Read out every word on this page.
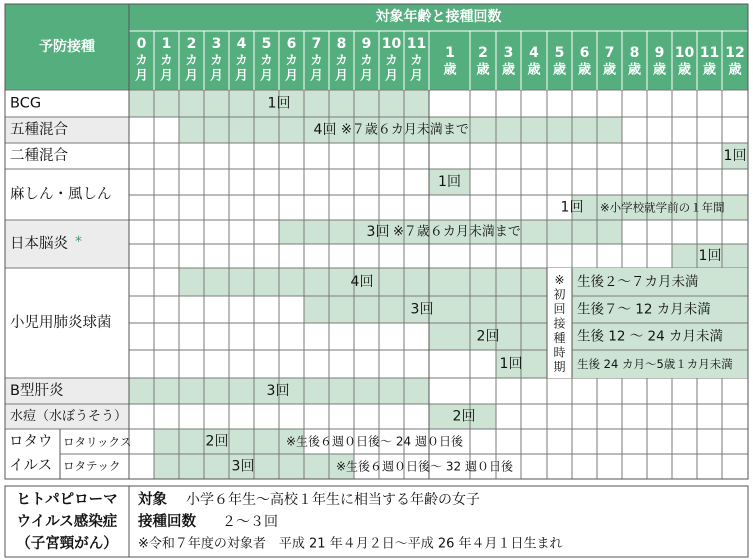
予防接種
対象年齢と接種回数
0
カ
月
1
カ
月
2
カ
月
3
カ
月
4
カ
月
5
カ
月
6
カ
月
7
カ
月
8
カ
月
9
カ
月
10
カ
月
11
カ
月
1
歳
2
歳
3
歳
4
歳
5
歳
6
歳
7
歳
8
歳
9
歳
10
歳
11
歳
12
歳
BCG
五種混合
二種混合
麻しん・風しん
小児用肺炎球菌
B型肝炎
水痘（水ぼうそう）
日本脳炎 *
ロタウ
イルス
ロタリックス
ロタテック
1回
4回
1回
1回
1回
3回
1回
4回
3回
2回
1回
3回
2回
2回
3回
※７歳６カ月未満まで
※小学校就学前の１年間
※７歳６カ月未満まで
※生後６週０日後～ 24 週０日後
※生後６週０日後～ 32 週０日後
※
初
回
接
種
時
期
生後２～７カ月未満
生後７～ 12 カ月未満
生後 12 ～ 24 カ月未満
生後 24 カ月～5歳１カ月未満
ヒトパピローマ
ウイルス感染症
（子宮頸がん）
対象 小学６年生～高校１年生に相当する年齢の女子
接種回数 ２～３回
※令和７年度の対象者　平成 21 年４月２日～平成 26 年４月１日生まれ
